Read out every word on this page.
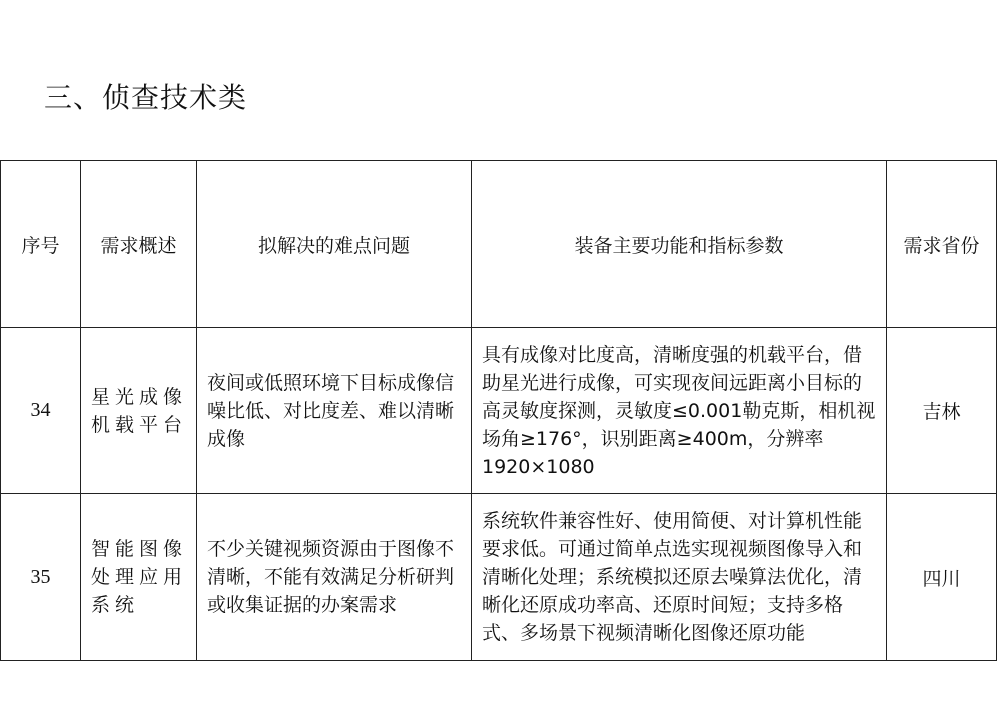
三、侦查技术类
序号	需求概述	拟解决的难点问题	装备主要功能和指标参数	需求省份
34	星光成像机载平台	夜间或低照环境下目标成像信噪比低、对比度差、难以清晰成像	具有成像对比度高，清晰度强的机载平台，借助星光进行成像，可实现夜间远距离小目标的高灵敏度探测，灵敏度≤0.001勒克斯，相机视场角≥176°，识别距离≥400m，分辨率1920×1080	吉林
35	智能图像处理应用系统	不少关键视频资源由于图像不清晰，不能有效满足分析研判或收集证据的办案需求	系统软件兼容性好、使用简便、对计算机性能要求低。可通过简单点选实现视频图像导入和清晰化处理；系统模拟还原去噪算法优化，清晰化还原成功率高、还原时间短；支持多格式、多场景下视频清晰化图像还原功能	四川
